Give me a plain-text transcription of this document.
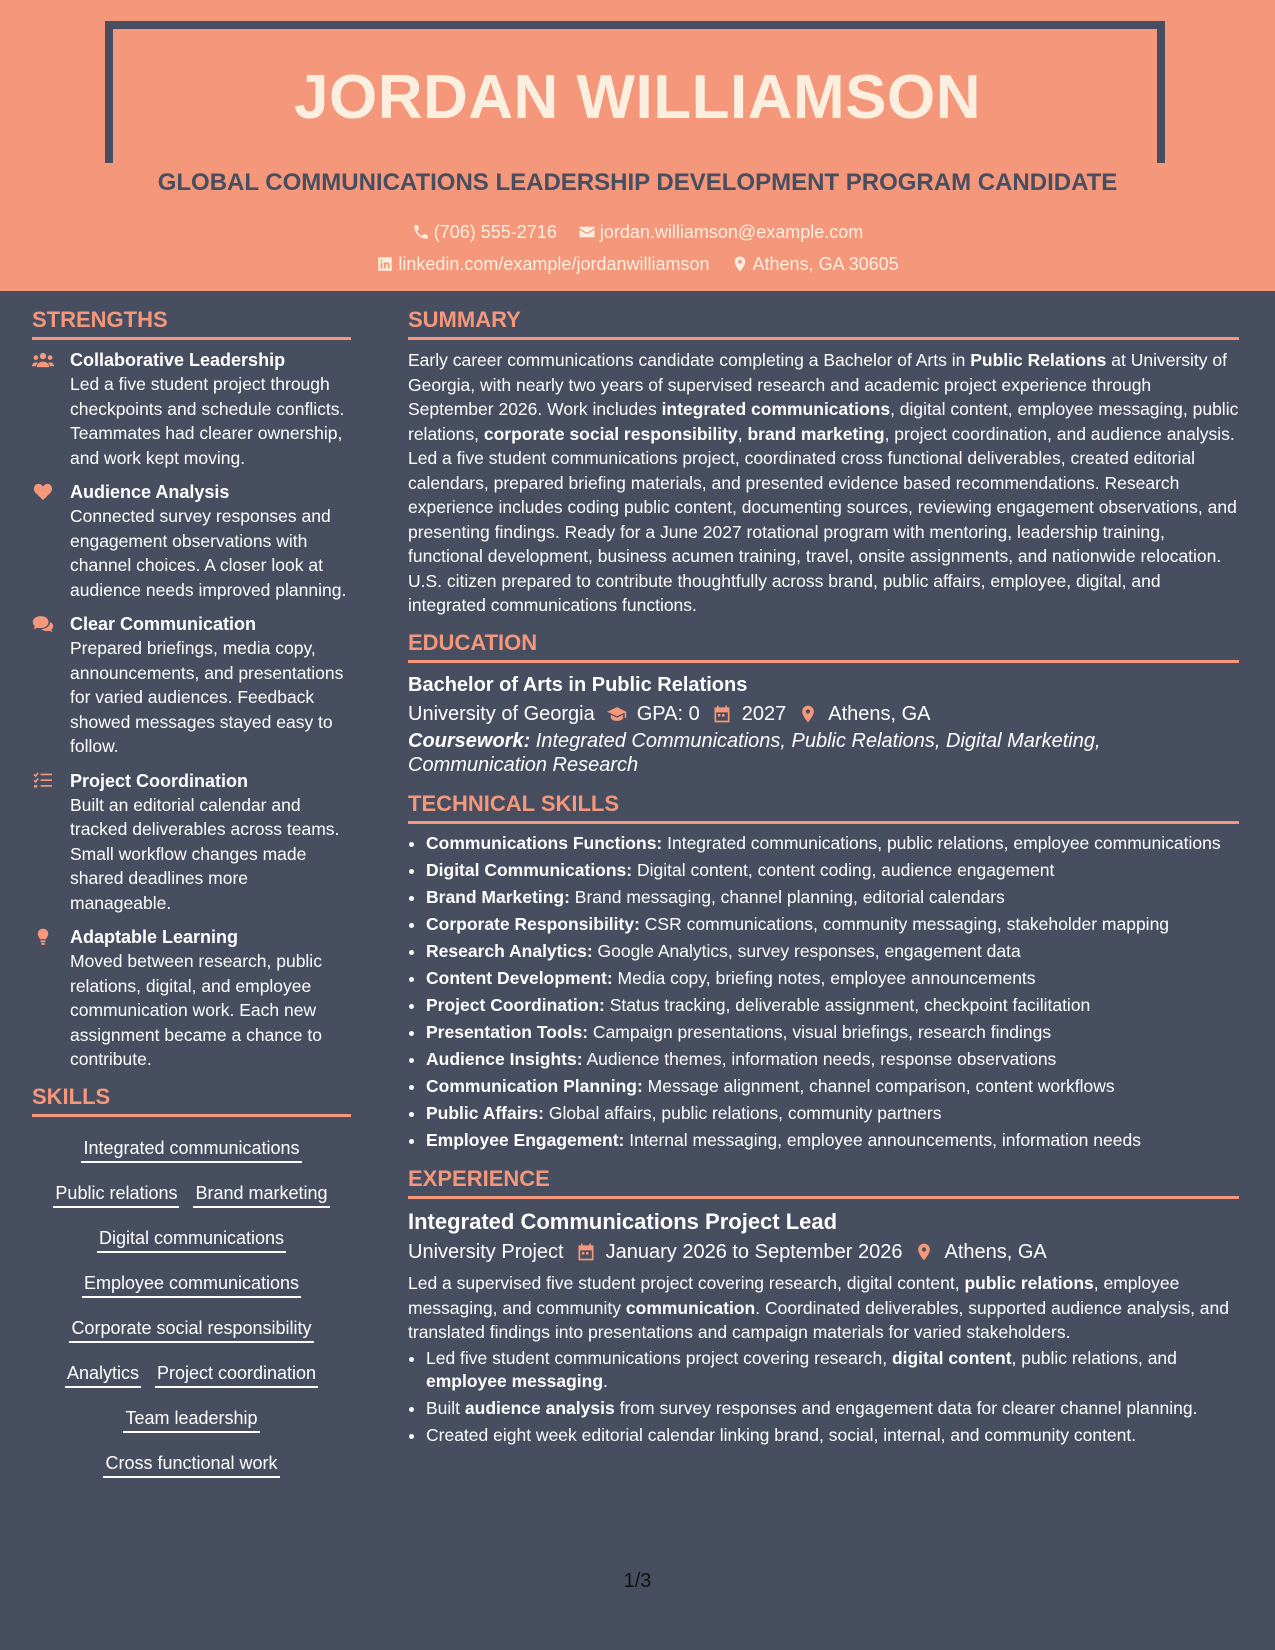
JORDAN WILLIAMSON
GLOBAL COMMUNICATIONS LEADERSHIP DEVELOPMENT PROGRAM CANDIDATE
(706) 555-2716
jordan.williamson@example.com
linkedin.com/example/jordanwilliamson
Athens, GA 30605
STRENGTHS
Collaborative Leadership
Led a five student project through checkpoints and schedule conflicts. Teammates had clearer ownership, and work kept moving.
Audience Analysis
Connected survey responses and engagement observations with channel choices. A closer look at audience needs improved planning.
Clear Communication
Prepared briefings, media copy, announcements, and presentations for varied audiences. Feedback showed messages stayed easy to follow.
Project Coordination
Built an editorial calendar and tracked deliverables across teams. Small workflow changes made shared deadlines more manageable.
Adaptable Learning
Moved between research, public relations, digital, and employee communication work. Each new assignment became a chance to contribute.
SKILLS
Integrated communications
Public relations Brand marketing
Digital communications
Employee communications
Corporate social responsibility
Analytics Project coordination
Team leadership
Cross functional work
SUMMARY
Early career communications candidate completing a Bachelor of Arts in Public Relations at University of Georgia, with nearly two years of supervised research and academic project experience through September 2026. Work includes integrated communications, digital content, employee messaging, public relations, corporate social responsibility, brand marketing, project coordination, and audience analysis. Led a five student communications project, coordinated cross functional deliverables, created editorial calendars, prepared briefing materials, and presented evidence based recommendations. Research experience includes coding public content, documenting sources, reviewing engagement observations, and presenting findings. Ready for a June 2027 rotational program with mentoring, leadership training, functional development, business acumen training, travel, onsite assignments, and nationwide relocation. U.S. citizen prepared to contribute thoughtfully across brand, public affairs, employee, digital, and integrated communications functions.
EDUCATION
Bachelor of Arts in Public Relations
University of Georgia GPA: 0 2027 Athens, GA
Coursework: Integrated Communications, Public Relations, Digital Marketing, Communication Research
TECHNICAL SKILLS
• Communications Functions: Integrated communications, public relations, employee communications
• Digital Communications: Digital content, content coding, audience engagement
• Brand Marketing: Brand messaging, channel planning, editorial calendars
• Corporate Responsibility: CSR communications, community messaging, stakeholder mapping
• Research Analytics: Google Analytics, survey responses, engagement data
• Content Development: Media copy, briefing notes, employee announcements
• Project Coordination: Status tracking, deliverable assignment, checkpoint facilitation
• Presentation Tools: Campaign presentations, visual briefings, research findings
• Audience Insights: Audience themes, information needs, response observations
• Communication Planning: Message alignment, channel comparison, content workflows
• Public Affairs: Global affairs, public relations, community partners
• Employee Engagement: Internal messaging, employee announcements, information needs
EXPERIENCE
Integrated Communications Project Lead
University Project January 2026 to September 2026 Athens, GA
Led a supervised five student project covering research, digital content, public relations, employee messaging, and community communication. Coordinated deliverables, supported audience analysis, and translated findings into presentations and campaign materials for varied stakeholders.
• Led five student communications project covering research, digital content, public relations, and employee messaging.
• Built audience analysis from survey responses and engagement data for clearer channel planning.
• Created eight week editorial calendar linking brand, social, internal, and community content.
1/3
